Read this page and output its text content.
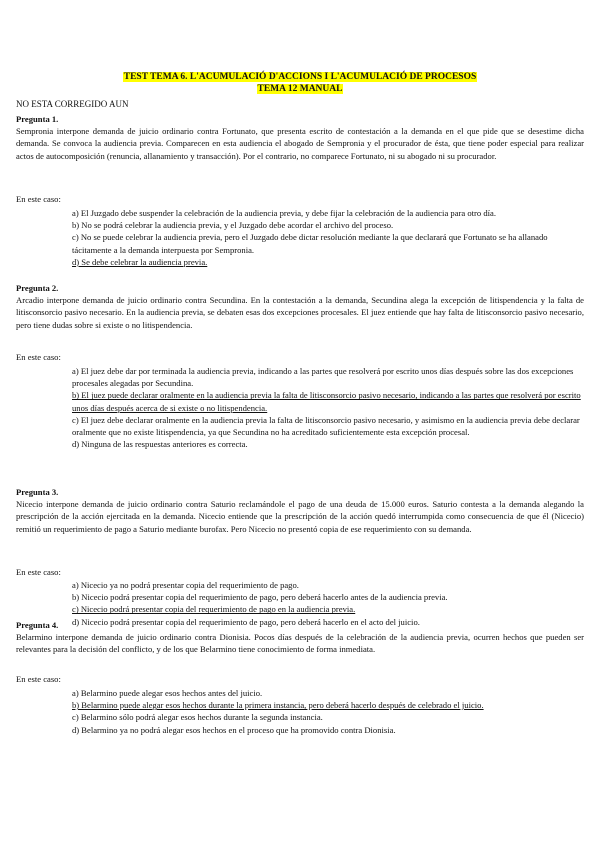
TEST TEMA 6. L'ACUMULACIÓ D'ACCIONS I L'ACUMULACIÓ DE PROCESOS
TEMA 12 MANUAL
NO ESTA CORREGIDO AUN
Pregunta 1.
Sempronia interpone demanda de juicio ordinario contra Fortunato, que presenta escrito de contestación a la demanda en el que pide que se desestime dicha demanda. Se convoca la audiencia previa. Comparecen en esta audiencia el abogado de Sempronia y el procurador de ésta, que tiene poder especial para realizar actos de autocomposición (renuncia, allanamiento y transacción). Por el contrario, no comparece Fortunato, ni su abogado ni su procurador.
En este caso:
a) El Juzgado debe suspender la celebración de la audiencia previa, y debe fijar la celebración de la audiencia para otro día.
b) No se podrá celebrar la audiencia previa, y el Juzgado debe acordar el archivo del proceso.
c) No se puede celebrar la audiencia previa, pero el Juzgado debe dictar resolución mediante la que declarará que Fortunato se ha allanado tácitamente a la demanda interpuesta por Sempronia.
d) Se debe celebrar la audiencia previa.
Pregunta 2.
Arcadio interpone demanda de juicio ordinario contra Secundina. En la contestación a la demanda, Secundina alega la excepción de litispendencia y la falta de litisconsorcio pasivo necesario. En la audiencia previa, se debaten esas dos excepciones procesales. El juez entiende que hay falta de litisconsorcio pasivo necesario, pero tiene dudas sobre si existe o no litispendencia.
En este caso:
a) El juez debe dar por terminada la audiencia previa, indicando a las partes que resolverá por escrito unos días después sobre las dos excepciones procesales alegadas por Secundina.
b) El juez puede declarar oralmente en la audiencia previa la falta de litisconsorcio pasivo necesario, indicando a las partes que resolverá por escrito unos días después acerca de si existe o no litispendencia.
c) El juez debe declarar oralmente en la audiencia previa la falta de litisconsorcio pasivo necesario, y asimismo en la audiencia previa debe declarar oralmente que no existe litispendencia, ya que Secundina no ha acreditado suficientemente esta excepción procesal.
d) Ninguna de las respuestas anteriores es correcta.
Pregunta 3.
Nicecio interpone demanda de juicio ordinario contra Saturio reclamándole el pago de una deuda de 15.000 euros. Saturio contesta a la demanda alegando la prescripción de la acción ejercitada en la demanda. Nicecio entiende que la prescripción de la acción quedó interrumpida como consecuencia de que él (Nicecio) remitió un requerimiento de pago a Saturio mediante burofax. Pero Nicecio no presentó copia de ese requerimiento con su demanda.
En este caso:
a) Nicecio ya no podrá presentar copia del requerimiento de pago.
b) Nicecio podrá presentar copia del requerimiento de pago, pero deberá hacerlo antes de la audiencia previa.
c) Nicecio podrá presentar copia del requerimiento de pago en la audiencia previa.
d) Nicecio podrá presentar copia del requerimiento de pago, pero deberá hacerlo en el acto del juicio.
Pregunta 4.
Belarmino interpone demanda de juicio ordinario contra Dionisia. Pocos días después de la celebración de la audiencia previa, ocurren hechos que pueden ser relevantes para la decisión del conflicto, y de los que Belarmino tiene conocimiento de forma inmediata.
En este caso:
a) Belarmino puede alegar esos hechos antes del juicio.
b) Belarmino puede alegar esos hechos durante la primera instancia, pero deberá hacerlo después de celebrado el juicio.
c) Belarmino sólo podrá alegar esos hechos durante la segunda instancia.
d) Belarmino ya no podrá alegar esos hechos en el proceso que ha promovido contra Dionisia.
